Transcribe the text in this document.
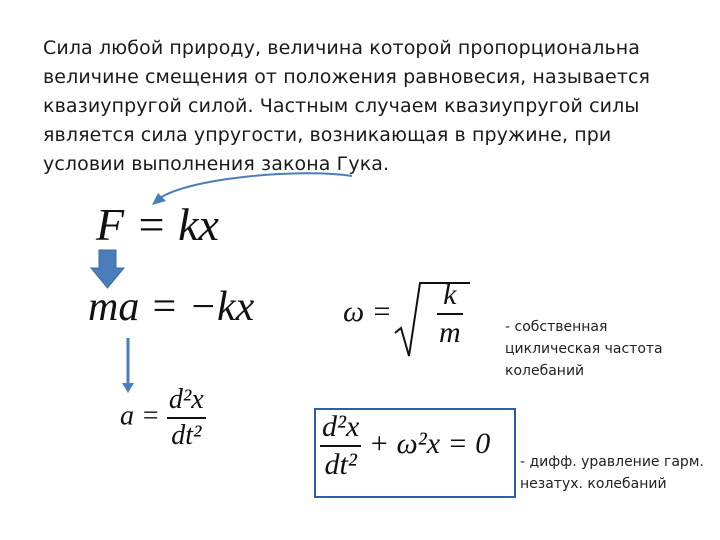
Сила любой природу, величина которой пропорциональна величине смещения от положения равновесия, называется квазиупругой силой. Частным случаем квазиупругой силы является сила упругости, возникающая в пружине, при условии выполнения закона Гука.

F = kx
ma = −kx
$a = \frac{\text{d²x}}{\text{dt²}}$
$\omega = \frac{k}{m}$
$\frac{\text{d²x}}{\text{dt²}} + \omega^2x = 0$
- собственная циклическая частота колебаний
- дифф. уравление гарм. незатух. колебаний
